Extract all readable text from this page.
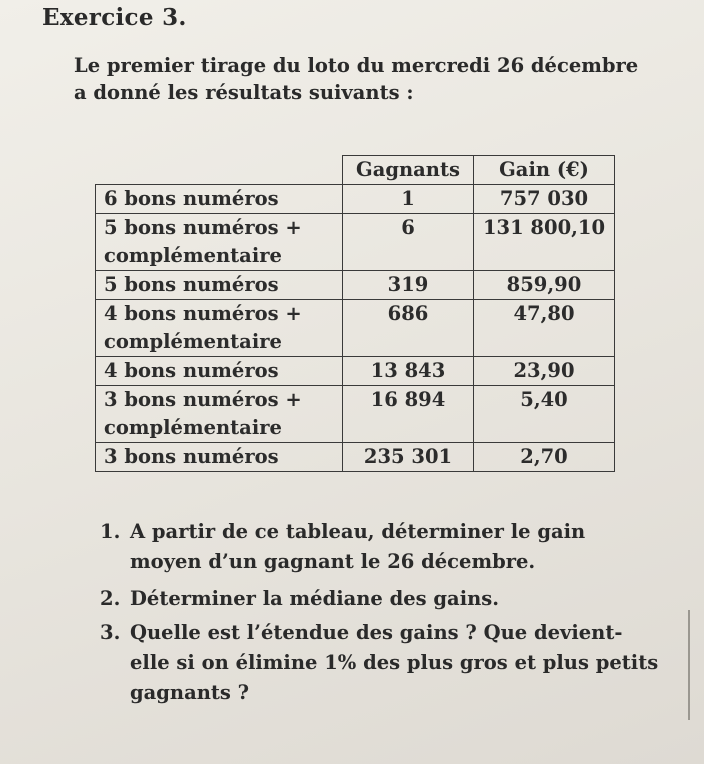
Exercice 3.
Le premier tirage du loto du mercredi 26 décembre a donné les résultats suivants :
	Gagnants	Gain (€)
6 bons numéros	1	757 030
5 bons numéros + complémentaire	6	131 800,10
5 bons numéros	319	859,90
4 bons numéros + complémentaire	686	47,80
4 bons numéros	13 843	23,90
3 bons numéros + complémentaire	16 894	5,40
3 bons numéros	235 301	2,70
1. A partir de ce tableau, déterminer le gain moyen d’un gagnant le 26 décembre.
2. Déterminer la médiane des gains.
3. Quelle est l’étendue des gains ? Que devient-elle si on élimine 1% des plus gros et plus petits gagnants ?
